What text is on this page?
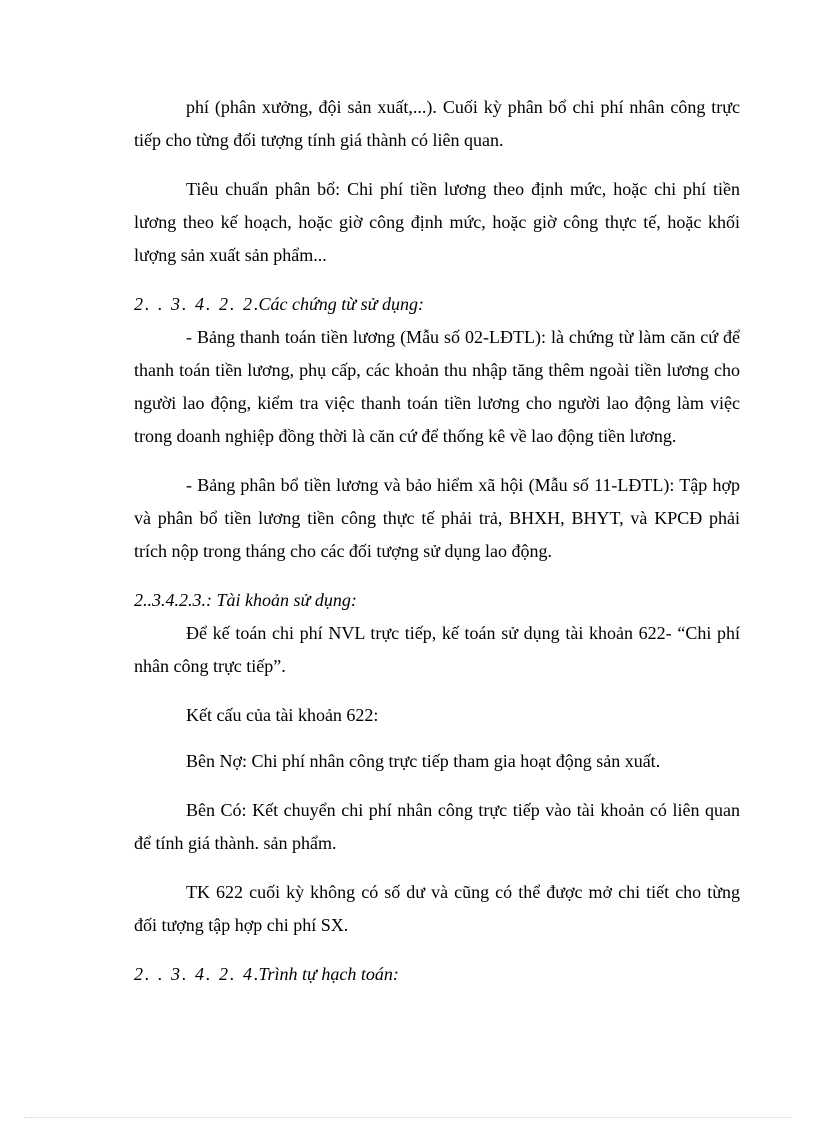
phí (phân xưởng, đội sản xuất,...). Cuối kỳ phân bổ chi phí nhân công trực tiếp cho từng đối tượng tính giá thành có liên quan.

Tiêu chuẩn phân bổ: Chi phí tiền lương theo định mức, hoặc chi phí tiền lương theo kế hoạch, hoặc giờ công định mức, hoặc giờ công thực tế, hoặc khối lượng sản xuất sản phẩm...

2. . 3. 4. 2. 2.Các chứng từ sử dụng:

- Bảng thanh toán tiền lương (Mẫu số 02-LĐTL): là chứng từ làm căn cứ để thanh toán tiền lương, phụ cấp, các khoản thu nhập tăng thêm ngoài tiền lương cho người lao động, kiểm tra việc thanh toán tiền lương cho người lao động làm việc trong doanh nghiệp đồng thời là căn cứ để thống kê về lao động tiền lương.

- Bảng phân bổ tiền lương và bảo hiểm xã hội (Mẫu số 11-LĐTL): Tập hợp và phân bổ tiền lương tiền công thực tế phải trả, BHXH, BHYT, và KPCĐ phải trích nộp trong tháng cho các đối tượng sử dụng lao động.

2..3.4.2.3.: Tài khoản sử dụng:

Để kế toán chi phí NVL trực tiếp, kế toán sử dụng tài khoản 622- “Chi phí nhân công trực tiếp”.

Kết cấu của tài khoản 622:

Bên Nợ: Chi phí nhân công trực tiếp tham gia hoạt động sản xuất.

Bên Có: Kết chuyển chi phí nhân công trực tiếp vào tài khoản có liên quan để tính giá thành. sản phẩm.

TK 622 cuối kỳ không có số dư và cũng có thể được mở chi tiết cho từng đối tượng tập hợp chi phí SX.

2. . 3. 4. 2. 4.Trình tự hạch toán:
